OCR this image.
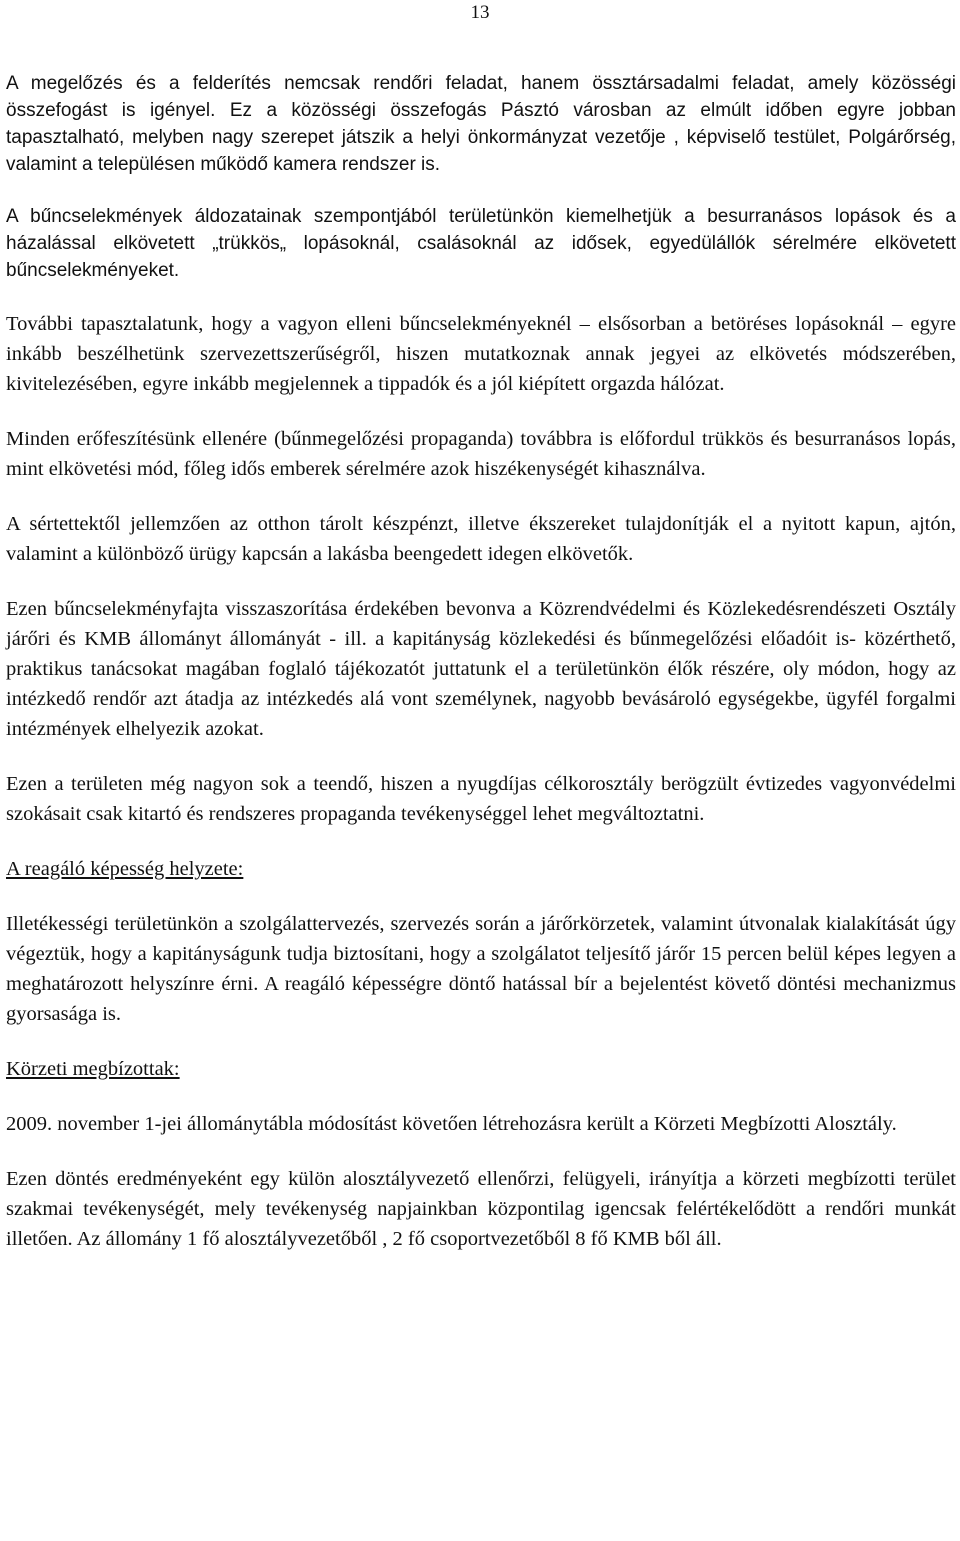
13

A megelőzés és a felderítés nemcsak rendőri feladat, hanem össztársadalmi feladat, amely közösségi összefogást is igényel. Ez a közösségi összefogás Pásztó városban az elmúlt időben egyre jobban tapasztalható, melyben nagy szerepet játszik a helyi önkormányzat vezetője , képviselő testület, Polgárőrség, valamint a településen működő kamera rendszer is.

A bűncselekmények áldozatainak szempontjából területünkön kiemelhetjük a besurranásos lopások és a házalással elkövetett „trükkös„ lopásoknál, csalásoknál az idősek, egyedülállók sérelmére elkövetett bűncselekményeket.

További tapasztalatunk, hogy a vagyon elleni bűncselekményeknél – elsősorban a betöréses lopásoknál – egyre inkább beszélhetünk szervezettszerűségről, hiszen mutatkoznak annak jegyei az elkövetés módszerében, kivitelezésében, egyre inkább megjelennek a tippadók és a jól kiépített orgazda hálózat.

Minden erőfeszítésünk ellenére (bűnmegelőzési propaganda) továbbra is előfordul trükkös és besurranásos lopás, mint elkövetési mód, főleg idős emberek sérelmére azok hiszékenységét kihasználva.

A sértettektől jellemzően az otthon tárolt készpénzt, illetve ékszereket tulajdonítják el a nyitott kapun, ajtón, valamint a különböző ürügy kapcsán a lakásba beengedett idegen elkövetők.

Ezen bűncselekményfajta visszaszorítása érdekében bevonva a Közrendvédelmi és Közlekedésrendészeti Osztály járőri és KMB állományt állományát - ill. a kapitányság közlekedési és bűnmegelőzési előadóit is- közérthető, praktikus tanácsokat magában foglaló tájékozatót juttatunk el a területünkön élők részére, oly módon, hogy az intézkedő rendőr azt átadja az intézkedés alá vont személynek, nagyobb bevásároló egységekbe, ügyfél forgalmi intézmények elhelyezik azokat.

Ezen a területen még nagyon sok a teendő, hiszen a nyugdíjas célkorosztály berögzült évtizedes vagyonvédelmi szokásait csak kitartó és rendszeres propaganda tevékenységgel lehet megváltoztatni.

A reagáló képesség helyzete:

Illetékességi területünkön a szolgálattervezés, szervezés során a járőrkörzetek, valamint útvonalak kialakítását úgy végeztük, hogy a kapitányságunk tudja biztosítani, hogy a szolgálatot teljesítő járőr 15 percen belül képes legyen a meghatározott helyszínre érni. A reagáló képességre döntő hatással bír a bejelentést követő döntési mechanizmus gyorsasága is.

Körzeti megbízottak:

2009. november 1-jei állománytábla módosítást követően létrehozásra került a Körzeti Megbízotti Alosztály.

Ezen döntés eredményeként egy külön alosztályvezető ellenőrzi, felügyeli, irányítja a körzeti megbízotti terület szakmai tevékenységét, mely tevékenység napjainkban központilag igencsak felértékelődött a rendőri munkát illetően. Az állomány 1 fő alosztályvezetőből , 2 fő csoportvezetőből 8 fő KMB ből áll.
